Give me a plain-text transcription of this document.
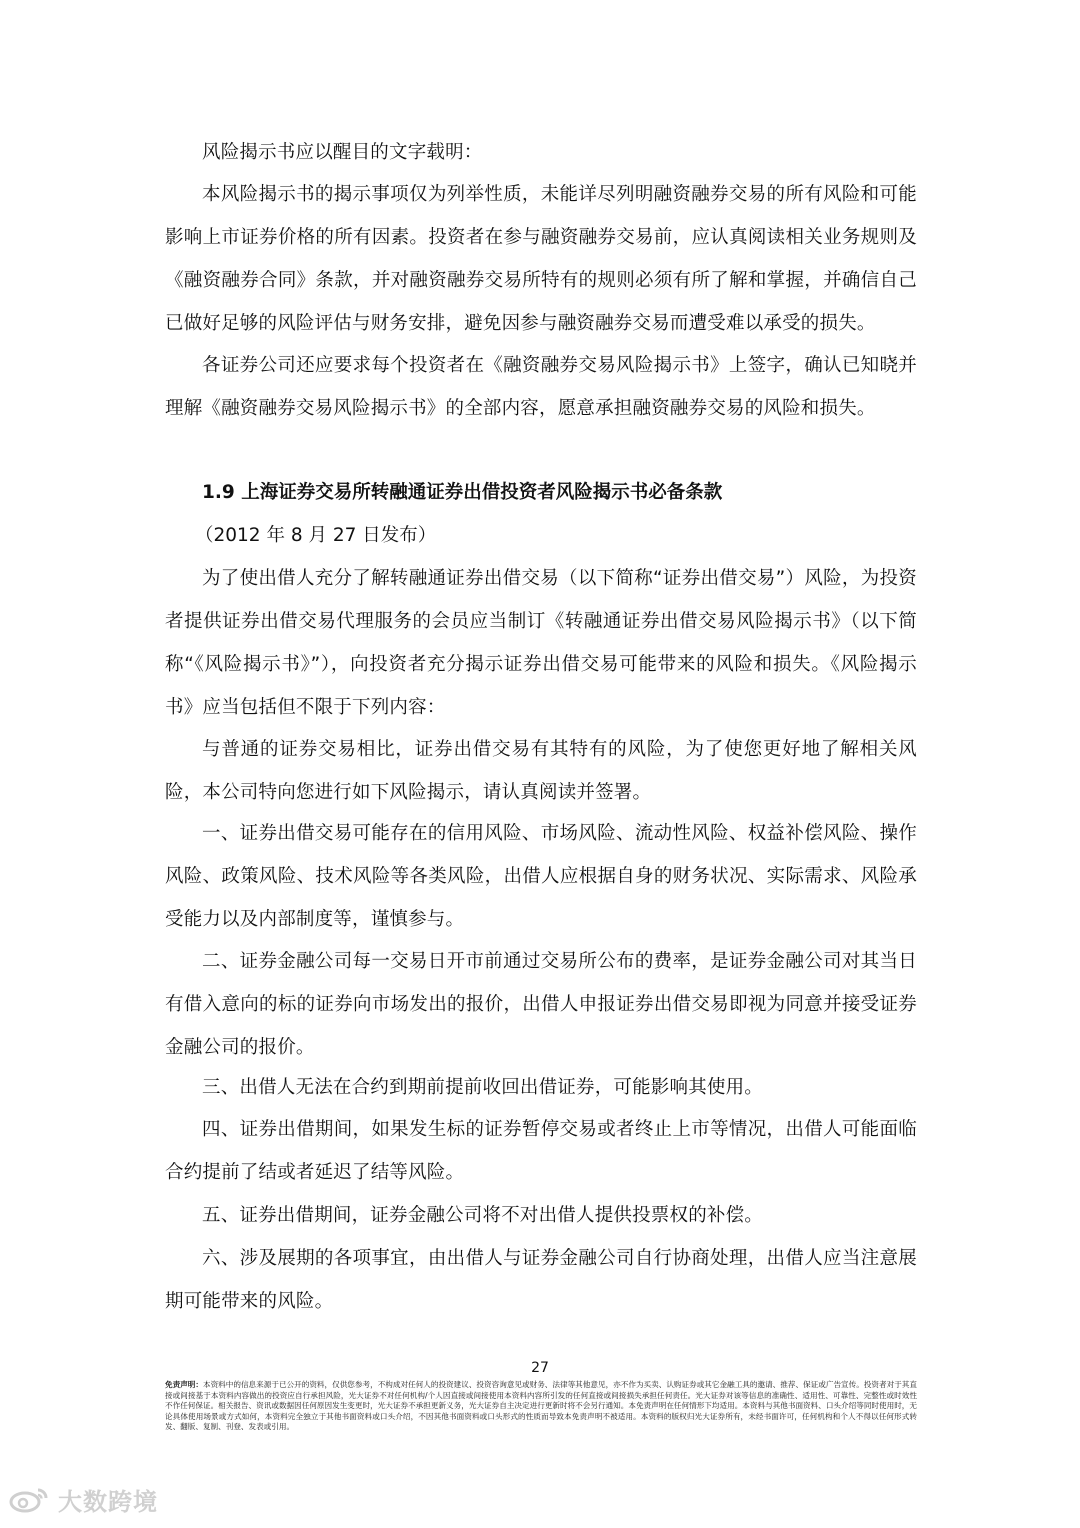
风险揭示书应以醒目的文字载明：

本风险揭示书的揭示事项仅为列举性质，未能详尽列明融资融券交易的所有风险和可能影响上市证券价格的所有因素。投资者在参与融资融券交易前，应认真阅读相关业务规则及《融资融券合同》条款，并对融资融券交易所特有的规则必须有所了解和掌握，并确信自己已做好足够的风险评估与财务安排，避免因参与融资融券交易而遭受难以承受的损失。

各证券公司还应要求每个投资者在《融资融券交易风险揭示书》上签字，确认已知晓并理解《融资融券交易风险揭示书》的全部内容，愿意承担融资融券交易的风险和损失。

1.9 上海证券交易所转融通证券出借投资者风险揭示书必备条款

（2012 年 8 月 27 日发布）

为了使出借人充分了解转融通证券出借交易（以下简称“证券出借交易”）风险，为投资者提供证券出借交易代理服务的会员应当制订《转融通证券出借交易风险揭示书》（以下简称“《风险揭示书》”），向投资者充分揭示证券出借交易可能带来的风险和损失。《风险揭示书》应当包括但不限于下列内容：

与普通的证券交易相比，证券出借交易有其特有的风险，为了使您更好地了解相关风险，本公司特向您进行如下风险揭示，请认真阅读并签署。

一、证券出借交易可能存在的信用风险、市场风险、流动性风险、权益补偿风险、操作风险、政策风险、技术风险等各类风险，出借人应根据自身的财务状况、实际需求、风险承受能力以及内部制度等，谨慎参与。

二、证券金融公司每一交易日开市前通过交易所公布的费率，是证券金融公司对其当日有借入意向的标的证券向市场发出的报价，出借人申报证券出借交易即视为同意并接受证券金融公司的报价。

三、出借人无法在合约到期前提前收回出借证券，可能影响其使用。

四、证券出借期间，如果发生标的证券暂停交易或者终止上市等情况，出借人可能面临合约提前了结或者延迟了结等风险。

五、证券出借期间，证券金融公司将不对出借人提供投票权的补偿。

六、涉及展期的各项事宜，由出借人与证券金融公司自行协商处理，出借人应当注意展期可能带来的风险。

27
免责声明：本资料中的信息来源于已公开的资料，仅供您参考，不构成对任何人的投资建议、投资咨询意见或财务、法律等其他意见，亦不作为买卖、认购证券或其它金融工具的邀请、推荐、保证或广告宣传。投资者对于其直接或间接基于本资料内容做出的投资应自行承担风险，光大证券不对任何机构/个人因直接或间接使用本资料内容所引发的任何直接或间接损失承担任何责任。光大证券对该等信息的准确性、适用性、可靠性、完整性或时效性不作任何保证。相关报告、资讯或数据因任何原因发生变更时，光大证券不承担更新义务，光大证券自主决定进行更新时将不会另行通知。本免责声明在任何情形下均适用。本资料与其他书面资料、口头介绍等同时使用时，无论具体使用场景或方式如何，本资料完全独立于其他书面资料或口头介绍，不因其他书面资料或口头形式的性质而导致本免责声明不被适用。本资料的版权归光大证券所有，未经书面许可，任何机构和个人不得以任何形式转发、翻版、复制、刊登、发表或引用。
大数跨境
